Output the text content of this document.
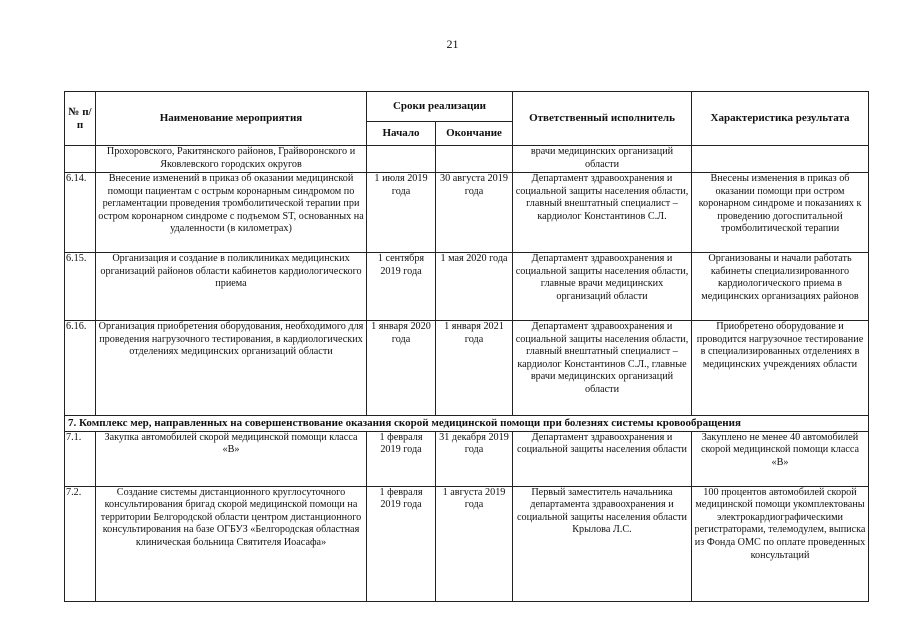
21
№ п/п	Наименование мероприятия	Сроки реализации		Ответственный исполнитель	Характеристика результата
		Начало	Окончание		
	Прохоровского, Ракитянского районов, Грайворонского и Яковлевского городских округов			врачи медицинских организаций области	
6.14.	Внесение изменений в приказ об оказании медицинской помощи пациентам с острым коронарным синдромом по регламентации проведения тромболитической терапии при остром коронарном синдроме с подъемом ST, основанных на удаленности (в километрах)	1 июля 2019 года	30 августа 2019 года	Департамент здравоохранения и социальной защиты населения области, главный внештатный специалист – кардиолог Константинов С.Л.	Внесены изменения в приказ об оказании помощи при остром коронарном синдроме и показаниях к проведению догоспитальной тромболитической терапии
6.15.	Организация и создание в поликлиниках медицинских организаций районов области кабинетов кардиологического приема	1 сентября 2019 года	1 мая 2020 года	Департамент здравоохранения и социальной защиты населения области, главные врачи медицинских организаций области	Организованы и начали работать кабинеты специализированного кардиологического приема в медицинских организациях районов
6.16.	Организация приобретения оборудования, необходимого для проведения нагрузочного тестирования, в кардиологических отделениях медицинских организаций области	1 января 2020 года	1 января 2021 года	Департамент здравоохранения и социальной защиты населения области, главный внештатный специалист – кардиолог Константинов С.Л., главные врачи медицинских организаций области	Приобретено оборудование и проводится нагрузочное тестирование в специализированных отделениях в медицинских учреждениях области
7. Комплекс мер, направленных на совершенствование оказания скорой медицинской помощи при болезнях системы кровообращения					
7.1.	Закупка автомобилей скорой медицинской помощи класса «В»	1 февраля 2019 года	31 декабря 2019 года	Департамент здравоохранения и социальной защиты населения области	Закуплено не менее 40 автомобилей скорой медицинской помощи класса «В»
7.2.	Создание системы дистанционного круглосуточного консультирования бригад скорой медицинской помощи на территории Белгородской области центром дистанционного консультирования на базе ОГБУЗ «Белгородская областная клиническая больница Святителя Иоасафа»	1 февраля 2019 года	1 августа 2019 года	Первый заместитель начальника департамента здравоохранения и социальной защиты населения области Крылова Л.С.	100 процентов автомобилей скорой медицинской помощи укомплектованы электрокардиографическими регистраторами, телемодулем, выписка из Фонда ОМС по оплате проведенных консультаций
